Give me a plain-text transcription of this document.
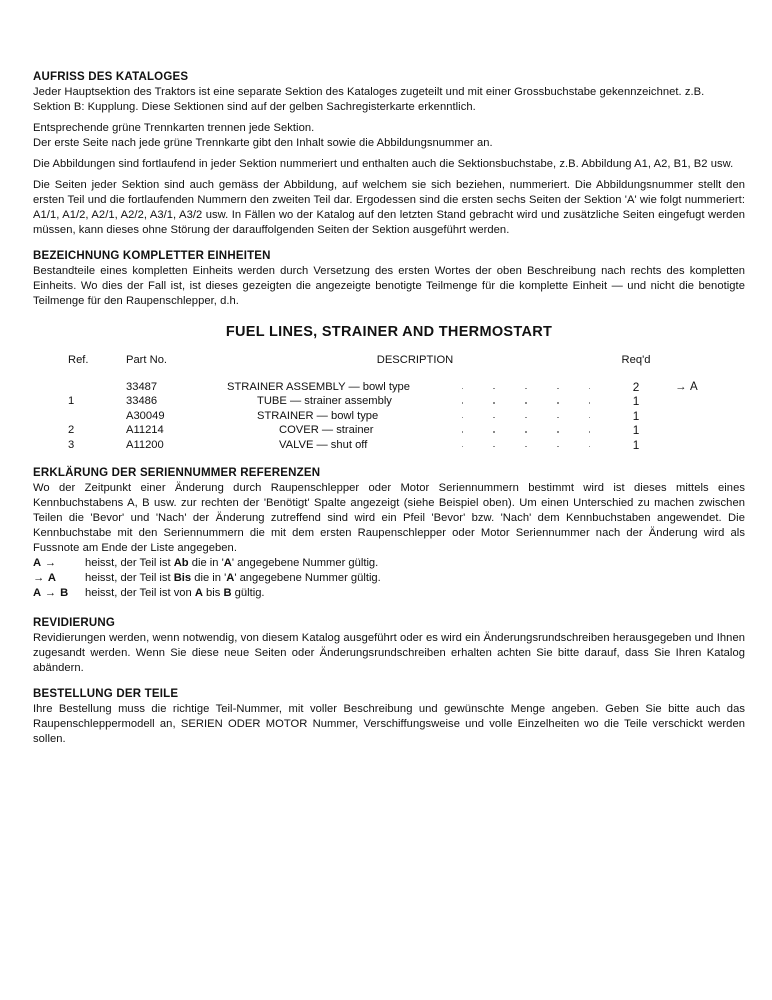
AUFRISS DES KATALOGES

Jeder Hauptsektion des Traktors ist eine separate Sektion des Kataloges zugeteilt und mit einer Grossbuchstabe gekennzeichnet. z.B. Sektion B: Kupplung. Diese Sektionen sind auf der gelben Sachregisterkarte erkenntlich.

Entsprechende grüne Trennkarten trennen jede Sektion.

Der erste Seite nach jede grüne Trennkarte gibt den Inhalt sowie die Abbildungsnummer an.

Die Abbildungen sind fortlaufend in jeder Sektion nummeriert und enthalten auch die Sektionsbuchstabe, z.B. Abbildung A1, A2, B1, B2 usw.

Die Seiten jeder Sektion sind auch gemäss der Abbildung, auf welchem sie sich beziehen, nummeriert. Die Abbildungsnummer stellt den ersten Teil und die fortlaufenden Nummern den zweiten Teil dar. Ergodessen sind die ersten sechs Seiten der Sektion 'A' wie folgt nummeriert: A1/1, A1/2, A2/1, A2/2, A3/1, A3/2 usw. In Fällen wo der Katalog auf den letzten Stand gebracht wird und zusätzliche Seiten eingefugt werden müssen, kann dieses ohne Störung der darauffolgenden Seiten der Sektion ausgeführt werden.

BEZEICHNUNG KOMPLETTER EINHEITEN

Bestandteile eines kompletten Einheits werden durch Versetzung des ersten Wortes der oben Beschreibung nach rechts des kompletten Einheits. Wo dies der Fall ist, ist dieses gezeigten die angezeigte benotigte Teilmenge für die komplette Einheit — und nicht die benotigte Teilmenge für den Raupenschlepper, d.h.

FUEL LINES, STRAINER AND THERMOSTART
Ref.	Part No.	DESCRIPTION	Req'd	
	33487	STRAINER ASSEMBLY — bowl type	2	→ A
1	33486	TUBE — strainer assembly	1	
	A30049	STRAINER — bowl type	1	
2	A11214	COVER — strainer	1	
3	A11200	VALVE — shut off	1	
ERKLÄRUNG DER SERIENNUMMER REFERENZEN

Wo der Zeitpunkt einer Änderung durch Raupenschlepper oder Motor Seriennummern bestimmt wird ist dieses mittels eines Kennbuchstabens A, B usw. zur rechten der 'Benötigt' Spalte angezeigt (siehe Beispiel oben). Um einen Unterschied zu machen zwischen Teilen die 'Bevor' und 'Nach' der Änderung zutreffend sind wird ein Pfeil 'Bevor' bzw. 'Nach' dem Kennbuchstaben angewendet. Die Kennbuchstabe mit den Seriennummern die mit dem ersten Raupenschlepper oder Motor Seriennummer nach der Änderung wird als Fussnote am Ende der Liste angegeben.

A →	heisst, der Teil ist Ab die in 'A' angegebene Nummer gültig.

→ A	heisst, der Teil ist Bis die in 'A' angegebene Nummer gültig.

A → B heisst, der Teil ist von A bis B gültig.

REVIDIERUNG

Revidierungen werden, wenn notwendig, von diesem Katalog ausgeführt oder es wird ein Änderungsrundschreiben herausgegeben und Ihnen zugesandt werden. Wenn Sie diese neue Seiten oder Änderungsrundschreiben erhalten achten Sie bitte darauf, dass Sie Ihren Katalog abändern.

BESTELLUNG DER TEILE

Ihre Bestellung muss die richtige Teil-Nummer, mit voller Beschreibung und gewünschte Menge angeben. Geben Sie bitte auch das Raupenschleppermodell an, SERIEN ODER MOTOR Nummer, Verschiffungsweise und volle Einzelheiten wo die Teile verschickt werden sollen.
